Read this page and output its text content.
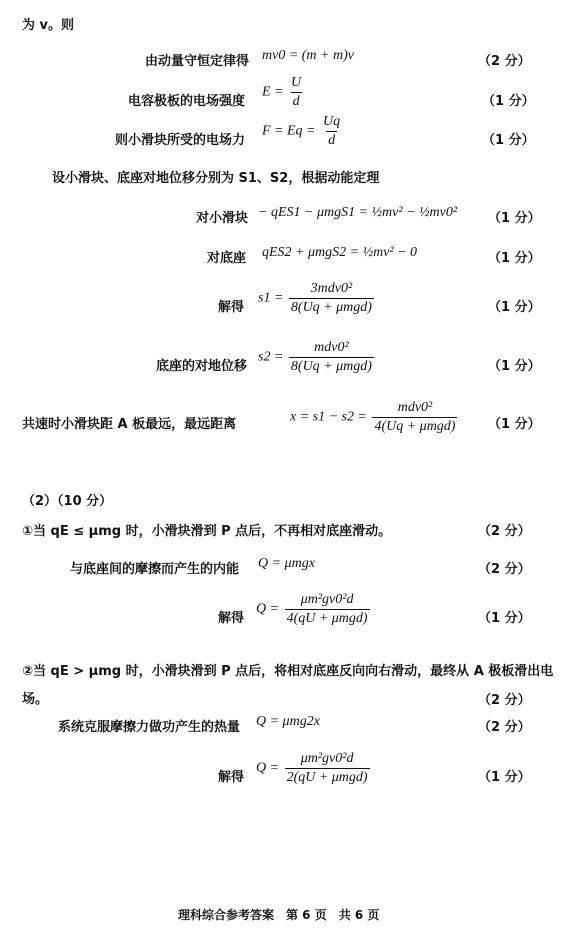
为 v。则
由动量守恒定律得 mv0 = (m + m)v	（2 分）
电容极板的电场强度
$E = \frac{U}{d}$	（1 分）
则小滑块所受的电场力
$F = Eq = \frac{Uq}{d}$	（1 分）
设小滑块、底座对地位移分别为 S1、S2，根据动能定理
对小滑块 − qES1 − μmgS1 = ½mv² − ½mv0² （1 分）
对底座 qES2 + μmgS2 = ½mv² − 0	（1 分）
解得
$s1 = \frac{\text{3mdv0²}}{\text{8(Uq + μmgd)}}$	（1 分）
底座的对地位移
$s2 = \frac{\text{mdv0²}}{\text{8(Uq + μmgd)}}$	（1 分）
共速时小滑块距 A 板最远，最远距离	$x = s1 - s2 = \frac{\text{mdv0²}}{\text{4(Uq + μmgd)}} (1$ 分）
（2）（10 分）
①当 qE ≤ μmg 时，小滑块滑到 P 点后，不再相对底座滑动。	（2 分）
与底座间的摩擦而产生的内能 Q = μmgx	（2 分）
解得
$Q = \frac{\text{μm²gv0²d}}{\text{4(qU + μmgd)}}$	（1 分）
②当 qE > μmg 时，小滑块滑到 P 点后，将相对底座反向向右滑动，最终从 A 极板滑出电
场。	（2 分）
系统克服摩擦力做功产生的热量 Q = μmg2x	（2 分）
解得
$Q = \frac{\text{μm²gv0²d}}{\text{2(qU + μmgd)}}$	（1 分）
理科综合参考答案　第 6 页　共 6 页
